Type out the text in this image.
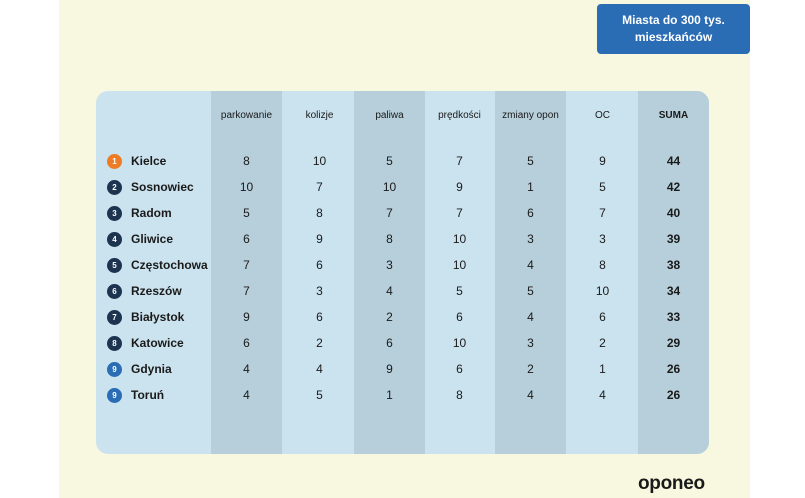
Miasta do 300 tys.
mieszkańców
parkowanie	kolizje	paliwa	prędkości	zmiany opon	OC	SUMA
1	Kielce	8	10	5	7	5	9	44
2	Sosnowiec	10	7	10	9	1	5	42
3	Radom	5	8	7	7	6	7	40
4	Gliwice	6	9	8	10	3	3	39
5	Częstochowa	7	6	3	10	4	8	38
6	Rzeszów	7	3	4	5	5	10	34
7	Białystok	9	6	2	6	4	6	33
8	Katowice	6	2	6	10	3	2	29
9	Gdynia	4	4	9	6	2	1	26
9	Toruń	4	5	1	8	4	4	26
oponeo
